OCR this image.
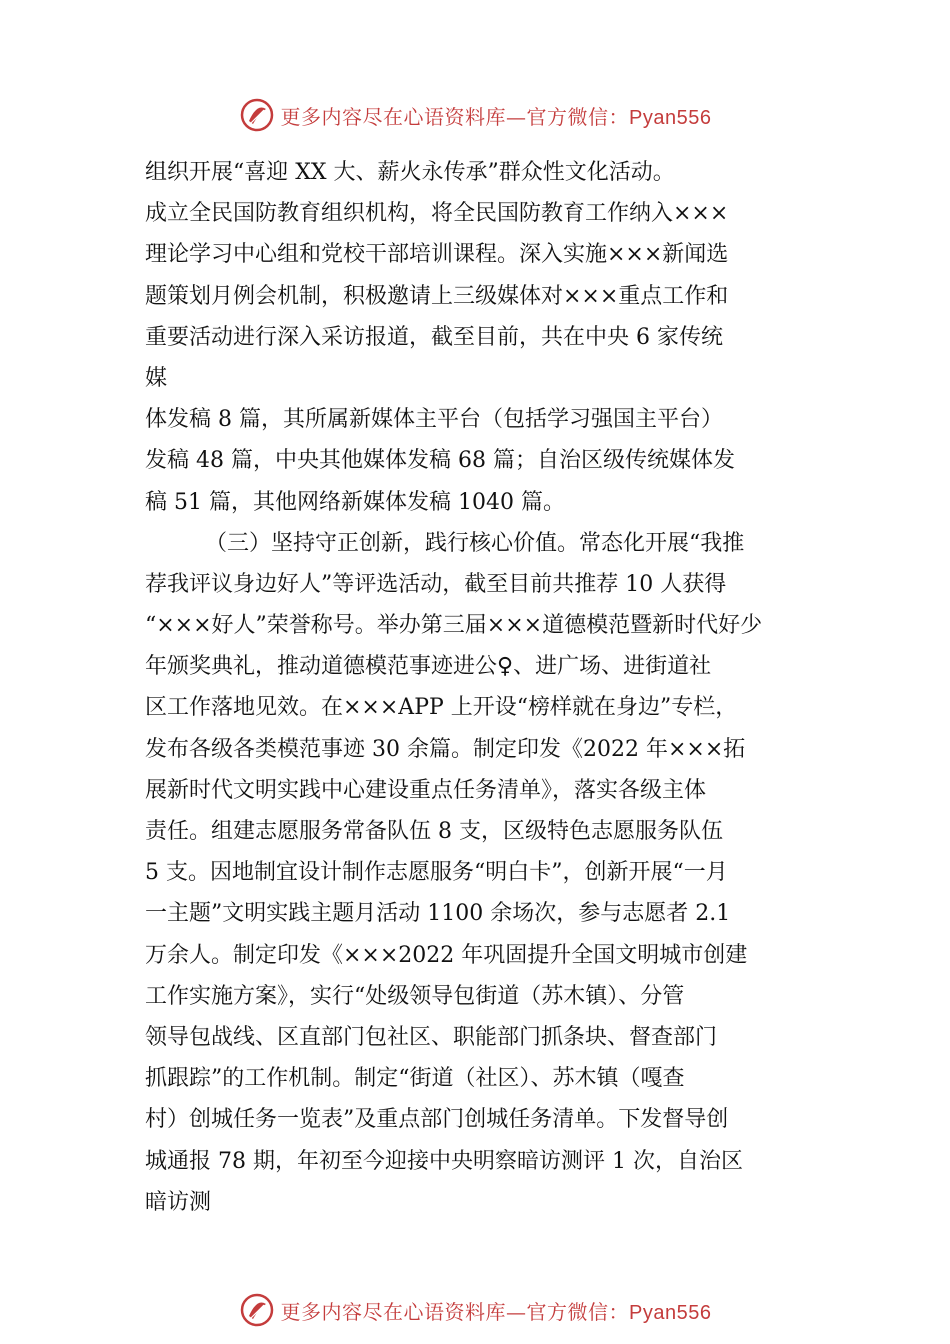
更多内容尽在心语资料库—官方微信：Pyan556
组织开展“喜迎 XX 大、薪火永传承”群众性文化活动。
成立全民国防教育组织机构，将全民国防教育工作纳入×××
理论学习中心组和党校干部培训课程。深入实施×××新闻选
题策划月例会机制，积极邀请上三级媒体对×××重点工作和
重要活动进行深入采访报道，截至目前，共在中央 6 家传统
媒
体发稿 8 篇，其所属新媒体主平台（包括学习强国主平台）
发稿 48 篇，中央其他媒体发稿 68 篇；自治区级传统媒体发
稿 51 篇，其他网络新媒体发稿 1040 篇。
（三）坚持守正创新，践行核心价值。常态化开展“我推
荐我评议身边好人”等评选活动，截至目前共推荐 10 人获得
“×××好人”荣誉称号。举办第三届×××道德模范暨新时代好少
年颁奖典礼，推动道德模范事迹进公♀、进广场、进街道社
区工作落地见效。在×××APP 上开设“榜样就在身边”专栏，
发布各级各类模范事迹 30 余篇。制定印发《2022 年×××拓
展新时代文明实践中心建设重点任务清单》，落实各级主体
责任。组建志愿服务常备队伍 8 支，区级特色志愿服务队伍
5 支。因地制宜设计制作志愿服务“明白卡”，创新开展“一月
一主题”文明实践主题月活动 1100 余场次，参与志愿者 2.1
万余人。制定印发《×××2022 年巩固提升全国文明城市创建
工作实施方案》，实行“处级领导包街道（苏木镇）、分管
领导包战线、区直部门包社区、职能部门抓条块、督查部门
抓跟踪”的工作机制。制定“街道（社区）、苏木镇（嘎查
村）创城任务一览表”及重点部门创城任务清单。下发督导创
城通报 78 期，年初至今迎接中央明察暗访测评 1 次，自治区
暗访测
更多内容尽在心语资料库—官方微信：Pyan556
